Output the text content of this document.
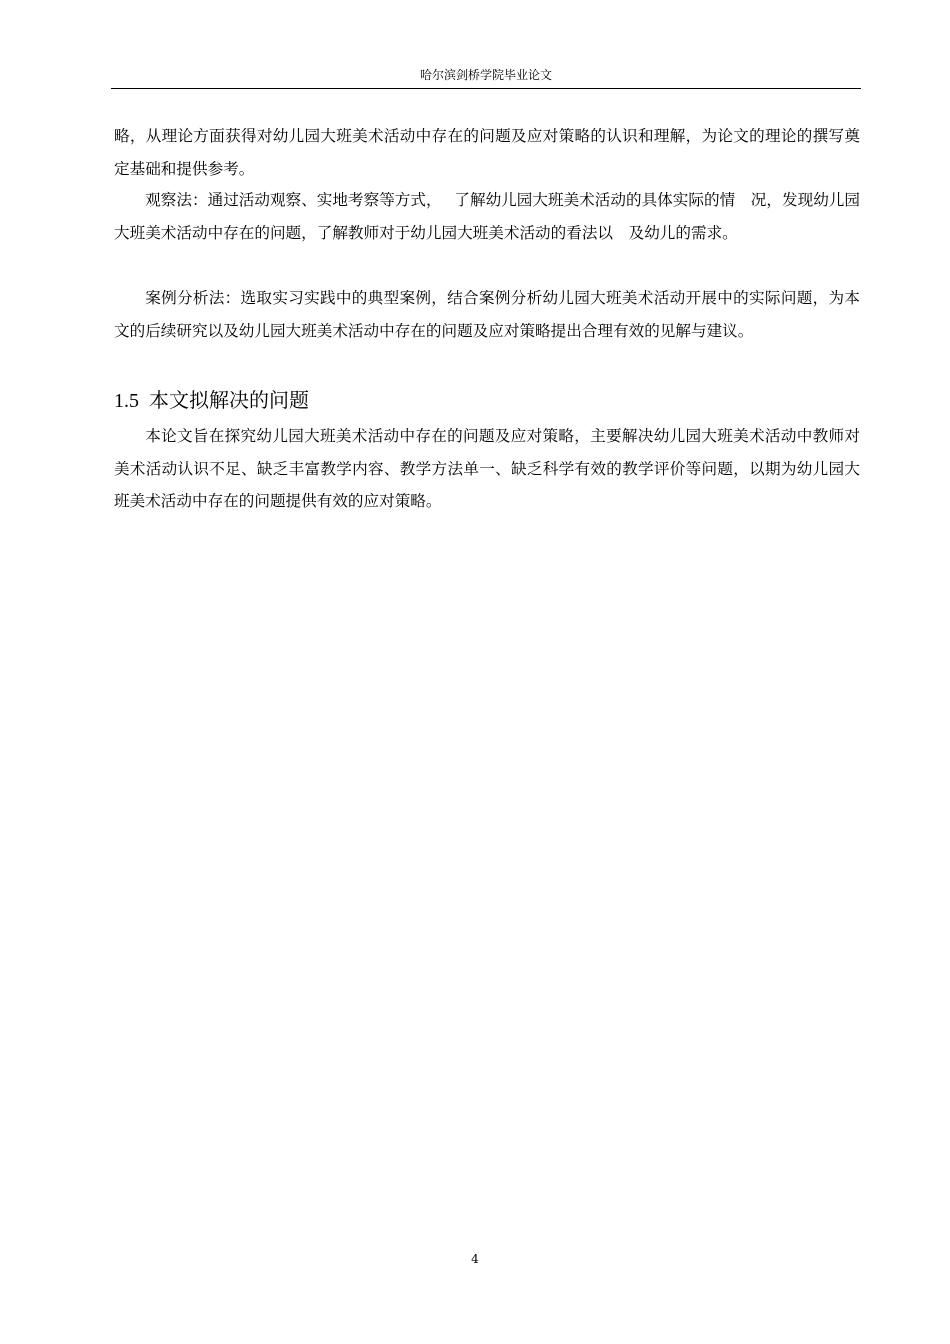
哈尔滨剑桥学院毕业论文

略，从理论方面获得对幼儿园大班美术活动中存在的问题及应对策略的认识和理解，为论文的理论的撰写奠定基础和提供参考。

观察法：通过活动观察、实地考察等方式，　 了解幼儿园大班美术活动的具体实际的情　况，发现幼儿园大班美术活动中存在的问题，了解教师对于幼儿园大班美术活动的看法以　及幼儿的需求。

案例分析法：选取实习实践中的典型案例，结合案例分析幼儿园大班美术活动开展中的实际问题，为本文的后续研究以及幼儿园大班美术活动中存在的问题及应对策略提出合理有效的见解与建议。

1.5 本文拟解决的问题

本论文旨在探究幼儿园大班美术活动中存在的问题及应对策略，主要解决幼儿园大班美术活动中教师对美术活动认识不足、缺乏丰富教学内容、教学方法单一、缺乏科学有效的教学评价等问题，以期为幼儿园大班美术活动中存在的问题提供有效的应对策略。

4
